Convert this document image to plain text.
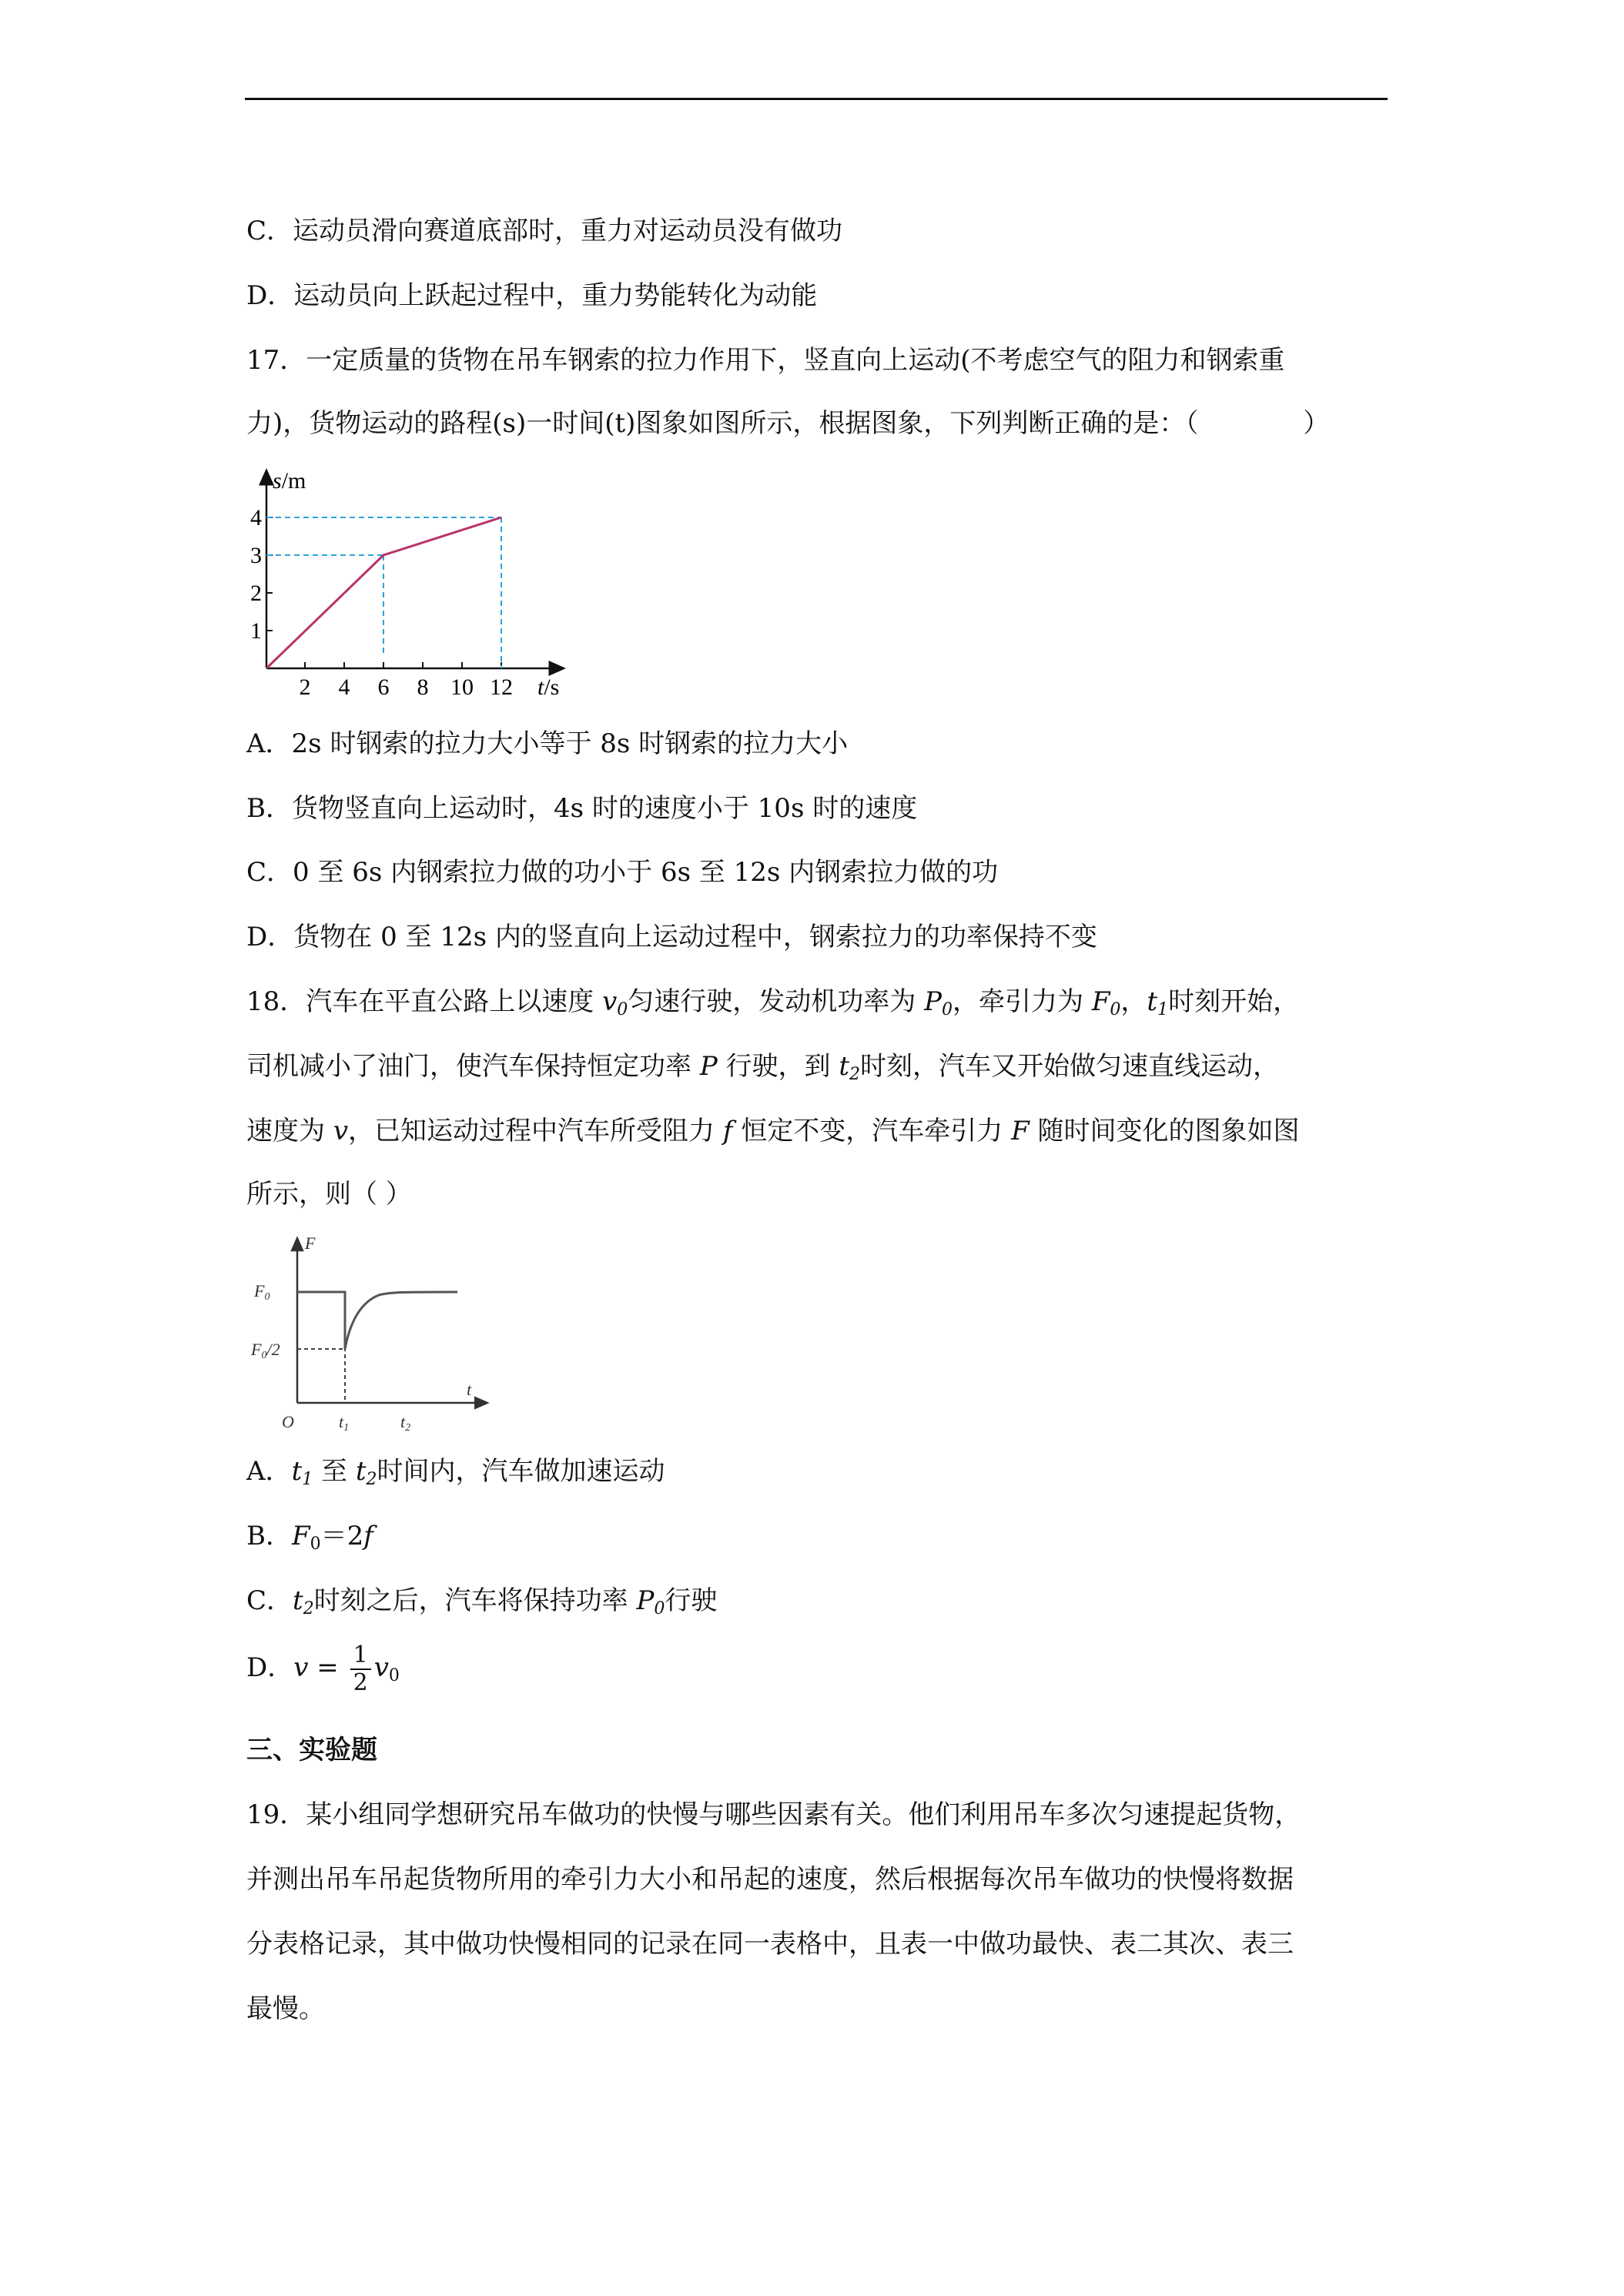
C．运动员滑向赛道底部时，重力对运动员没有做功
D．运动员向上跃起过程中，重力势能转化为动能
17．一定质量的货物在吊车钢索的拉力作用下，竖直向上运动(不考虑空气的阻力和钢索重
力)，货物运动的路程(s)一时间(t)图象如图所示，根据图象，下列判断正确的是：（　　　　）
s/m
t/s
1
2
3
4
2 4 6 8 10 12
A．2s 时钢索的拉力大小等于 8s 时钢索的拉力大小
B．货物竖直向上运动时，4s 时的速度小于 10s 时的速度
C．0 至 6s 内钢索拉力做的功小于 6s 至 12s 内钢索拉力做的功
D．货物在 0 至 12s 内的竖直向上运动过程中，钢索拉力的功率保持不变
18．汽车在平直公路上以速度 $v_0$匀速行驶，发动机功率为 $P_0$，牵引力为 $F_0$，$t_1$时刻开始，
司机减小了油门，使汽车保持恒定功率 P 行驶，到 $t_2$时刻，汽车又开始做匀速直线运动，
速度为 v，已知运动过程中汽车所受阻力 f 恒定不变，汽车牵引力 F 随时间变化的图象如图
所示，则（ ）
F
t
O
F0
F0/2
t1	t2
A．$t_1$ 至 $t_2$时间内，汽车做加速运动
B．$F_0=2f$
C．$t_2$时刻之后，汽车将保持功率 $P_0$行驶
D．$v = \frac{1}{2} v_0$
三、实验题
19．某小组同学想研究吊车做功的快慢与哪些因素有关。他们利用吊车多次匀速提起货物，
并测出吊车吊起货物所用的牵引力大小和吊起的速度，然后根据每次吊车做功的快慢将数据
分表格记录，其中做功快慢相同的记录在同一表格中，且表一中做功最快、表二其次、表三
最慢。
